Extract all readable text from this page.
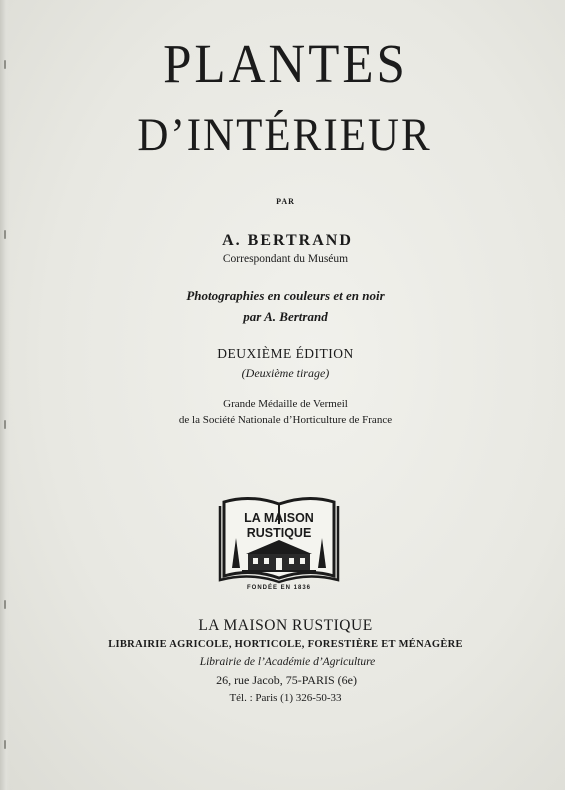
PLANTES
D’INTÉRIEUR
PAR
A. BERTRAND
Correspondant du Muséum
Photographies en couleurs et en noir
par A. Bertrand
DEUXIÈME ÉDITION
(Deuxième tirage)
Grande Médaille de Vermeil
de la Société Nationale d’Horticulture de France
LA MAISON
RUSTIQUE
FONDÉE EN 1836
LA MAISON RUSTIQUE
LIBRAIRIE AGRICOLE, HORTICOLE, FORESTIÈRE ET MÉNAGÈRE
Librairie de l’Académie d’Agriculture
26, rue Jacob, 75-PARIS (6e)
Tél. : Paris (1) 326-50-33
